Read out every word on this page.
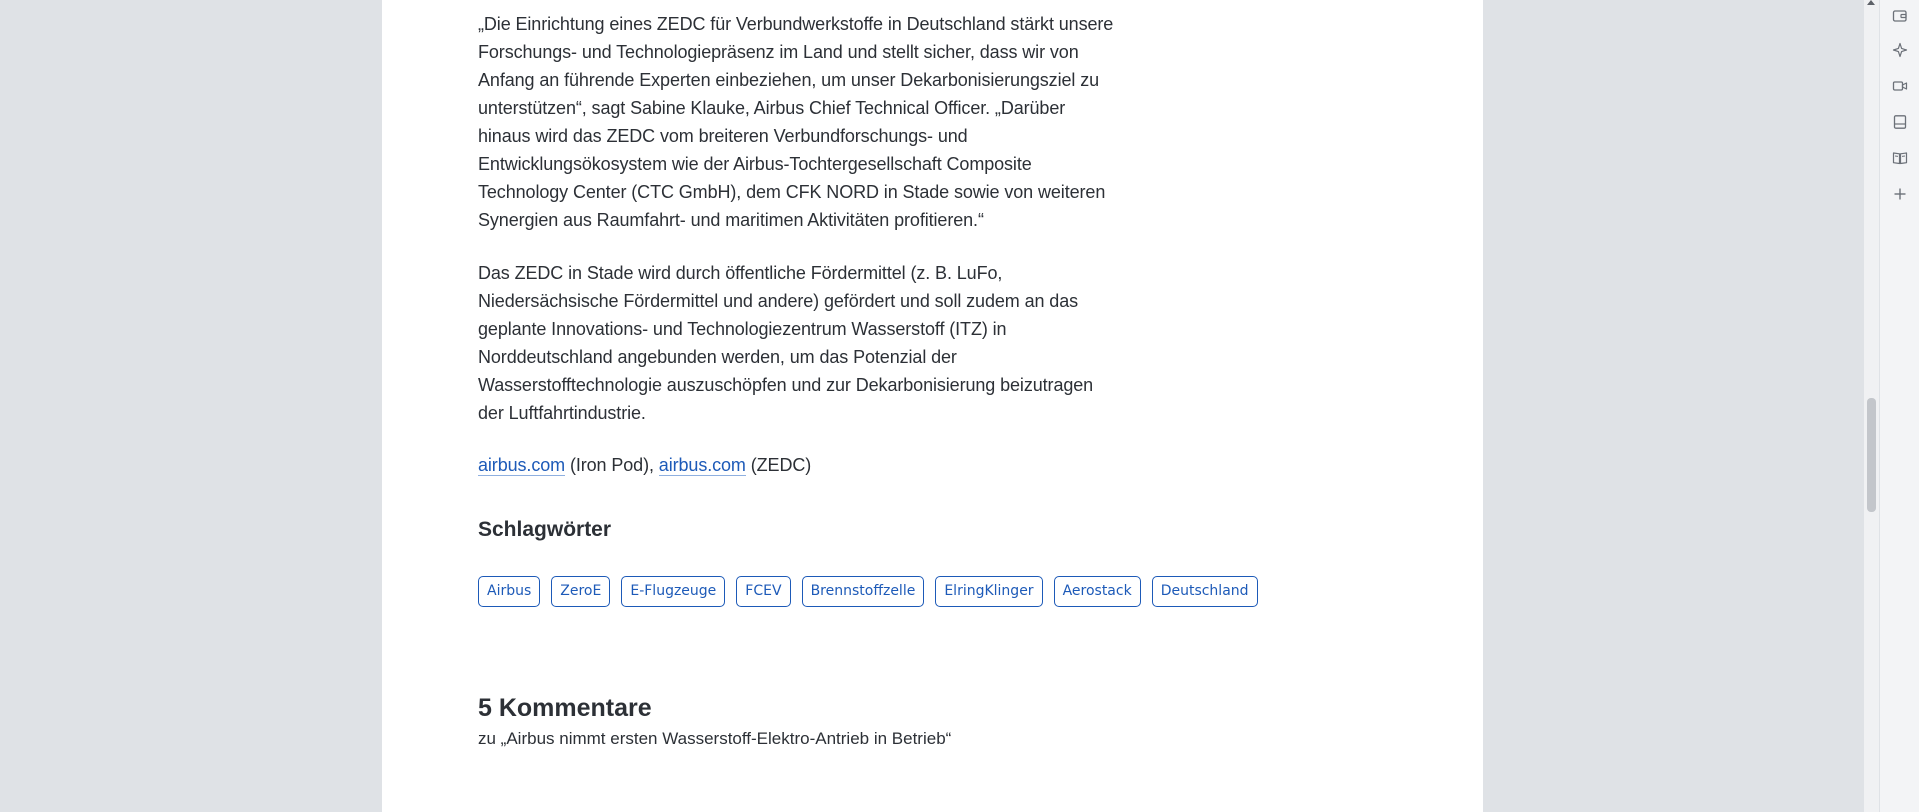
„Die Einrichtung eines ZEDC für Verbundwerkstoffe in Deutschland stärkt unsere Forschungs- und Technologiepräsenz im Land und stellt sicher, dass wir von Anfang an führende Experten einbeziehen, um unser Dekarbonisierungsziel zu unterstützen“, sagt Sabine Klauke, Airbus Chief Technical Officer. „Darüber hinaus wird das ZEDC vom breiteren Verbundforschungs- und Entwicklungsökosystem wie der Airbus-Tochtergesellschaft Composite Technology Center (CTC GmbH), dem CFK NORD in Stade sowie von weiteren Synergien aus Raumfahrt- und maritimen Aktivitäten profitieren.“

Das ZEDC in Stade wird durch öffentliche Fördermittel (z. B. LuFo, Niedersächsische Fördermittel und andere) gefördert und soll zudem an das geplante Innovations- und Technologiezentrum Wasserstoff (ITZ) in Norddeutschland angebunden werden, um das Potenzial der Wasserstofftechnologie auszuschöpfen und zur Dekarbonisierung beizutragen der Luftfahrtindustrie.

airbus.com (Iron Pod), airbus.com (ZEDC)

Schlagwörter
Airbus	ZeroE	E-Flugzeuge	FCEV	Brennstoffzelle	ElringKlinger	Aerostack	Deutschland
5 Kommentare

zu „Airbus nimmt ersten Wasserstoff-Elektro-Antrieb in Betrieb“
